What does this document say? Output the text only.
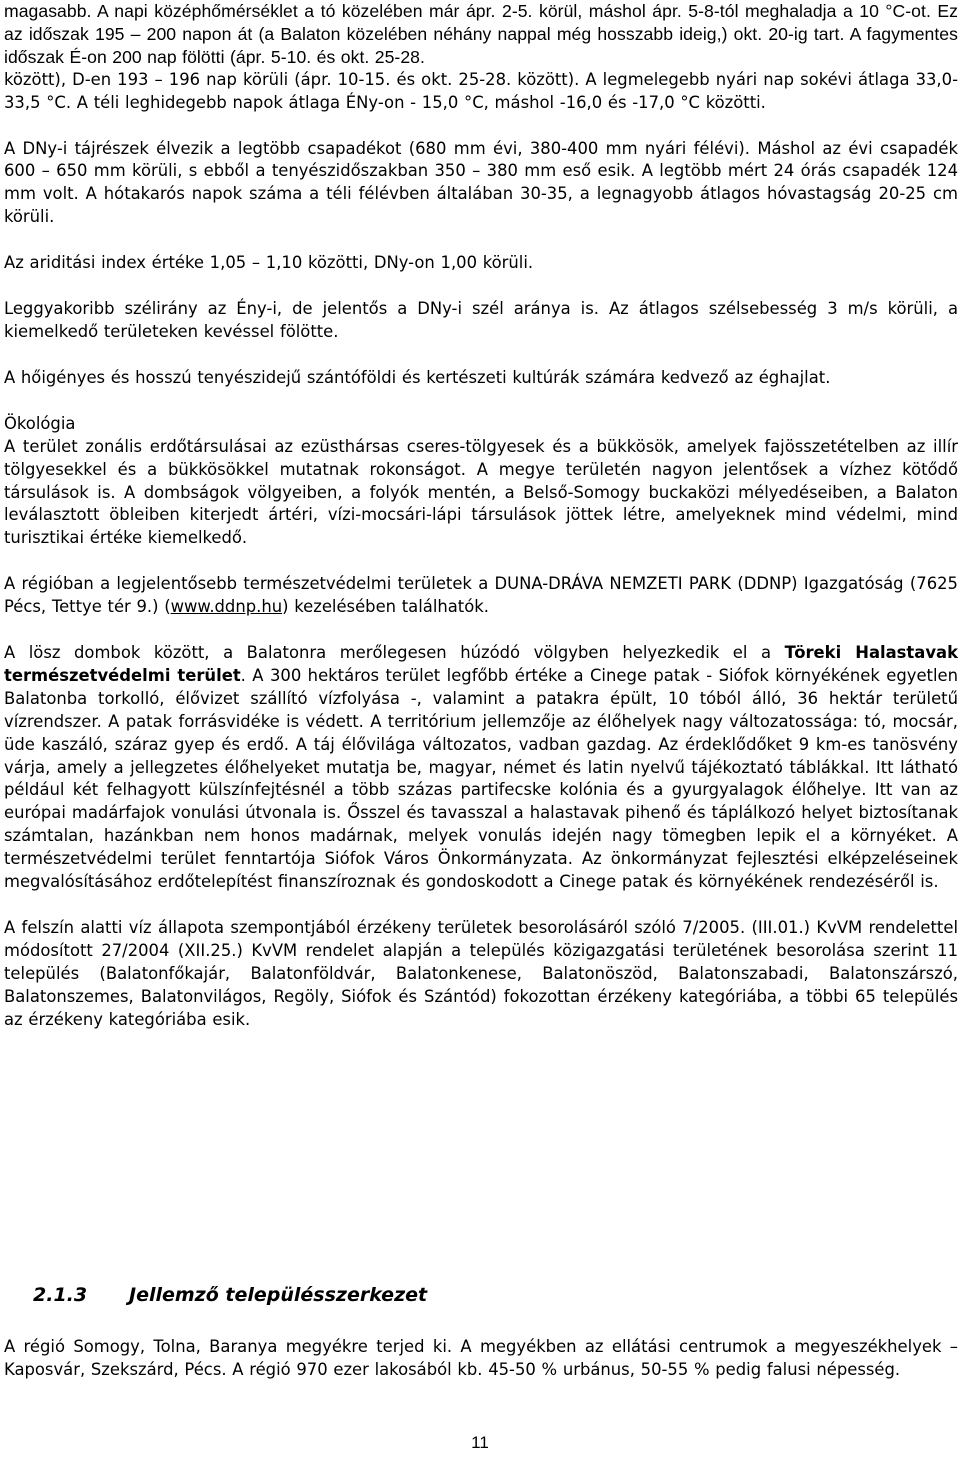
magasabb. A napi középhőmérséklet a tó közelében már ápr. 2-5. körül, máshol ápr. 5-8-tól meghaladja a 10 °C-ot. Ez az időszak 195 – 200 napon át (a Balaton közelében néhány nappal még hosszabb ideig,) okt. 20-ig tart. A fagymentes időszak É-on 200 nap fölötti (ápr. 5-10. és okt. 25-28.

között), D-en 193 – 196 nap körüli (ápr. 10-15. és okt. 25-28. között). A legmelegebb nyári nap sokévi átlaga 33,0-33,5 °C. A téli leghidegebb napok átlaga ÉNy-on - 15,0 °C, máshol -16,0 és -17,0 °C közötti.

A DNy-i tájrészek élvezik a legtöbb csapadékot (680 mm évi, 380-400 mm nyári félévi). Máshol az évi csapadék 600 – 650 mm körüli, s ebből a tenyészidőszakban 350 – 380 mm eső esik. A legtöbb mért 24 órás csapadék 124 mm volt. A hótakarós napok száma a téli félévben általában 30-35, a legnagyobb átlagos hóvastagság 20-25 cm körüli.

Az ariditási index értéke 1,05 – 1,10 közötti, DNy-on 1,00 körüli.

Leggyakoribb szélirány az Ény-i, de jelentős a DNy-i szél aránya is. Az átlagos szélsebesség 3 m/s körüli, a kiemelkedő területeken kevéssel fölötte.

A hőigényes és hosszú tenyészidejű szántóföldi és kertészeti kultúrák számára kedvező az éghajlat.

Ökológia

A terület zonális erdőtársulásai az ezüsthársas cseres-tölgyesek és a bükkösök, amelyek fajösszetételben az illír tölgyesekkel és a bükkösökkel mutatnak rokonságot. A megye területén nagyon jelentősek a vízhez kötődő társulások is. A dombságok völgyeiben, a folyók mentén, a Belső-Somogy buckaközi mélyedéseiben, a Balaton leválasztott öbleiben kiterjedt ártéri, vízi-mocsári-lápi társulások jöttek létre, amelyeknek mind védelmi, mind turisztikai értéke kiemelkedő.

A régióban a legjelentősebb természetvédelmi területek a DUNA-DRÁVA NEMZETI PARK (DDNP) Igazgatóság (7625 Pécs, Tettye tér 9.) (www.ddnp.hu) kezelésében találhatók.

A lösz dombok között, a Balatonra merőlegesen húzódó völgyben helyezkedik el a Töreki Halastavak természetvédelmi terület. A 300 hektáros terület legfőbb értéke a Cinege patak - Siófok környékének egyetlen Balatonba torkolló, élővizet szállító vízfolyása -, valamint a patakra épült, 10 tóból álló, 36 hektár területű vízrendszer. A patak forrásvidéke is védett. A territórium jellemzője az élőhelyek nagy változatossága: tó, mocsár, üde kaszáló, száraz gyep és erdő. A táj élővilága változatos, vadban gazdag. Az érdeklődőket 9 km-es tanösvény várja, amely a jellegzetes élőhelyeket mutatja be, magyar, német és latin nyelvű tájékoztató táblákkal. Itt látható például két felhagyott külszínfejtésnél a több százas partifecske kolónia és a gyurgyalagok élőhelye. Itt van az európai madárfajok vonulási útvonala is. Ősszel és tavasszal a halastavak pihenő és táplálkozó helyet biztosítanak számtalan, hazánkban nem honos madárnak, melyek vonulás idején nagy tömegben lepik el a környéket. A természetvédelmi terület fenntartója Siófok Város Önkormányzata. Az önkormányzat fejlesztési elképzeléseinek megvalósításához erdőtelepítést finanszíroznak és gondoskodott a Cinege patak és környékének rendezéséről is.

A felszín alatti víz állapota szempontjából érzékeny területek besorolásáról szóló 7/2005. (III.01.) KvVM rendelettel módosított 27/2004 (XII.25.) KvVM rendelet alapján a település közigazgatási területének besorolása szerint 11 település (Balatonfőkajár, Balatonföldvár, Balatonkenese, Balatonöszöd, Balatonszabadi, Balatonszárszó, Balatonszemes, Balatonvilágos, Regöly, Siófok és Szántód) fokozottan érzékeny kategóriába, a többi 65 település az érzékeny kategóriába esik.

2.1.3 Jellemző településszerkezet

A régió Somogy, Tolna, Baranya megyékre terjed ki. A megyékben az ellátási centrumok a megyeszékhelyek – Kaposvár, Szekszárd, Pécs. A régió 970 ezer lakosából kb. 45-50 % urbánus, 50-55 % pedig falusi népesség.

11
